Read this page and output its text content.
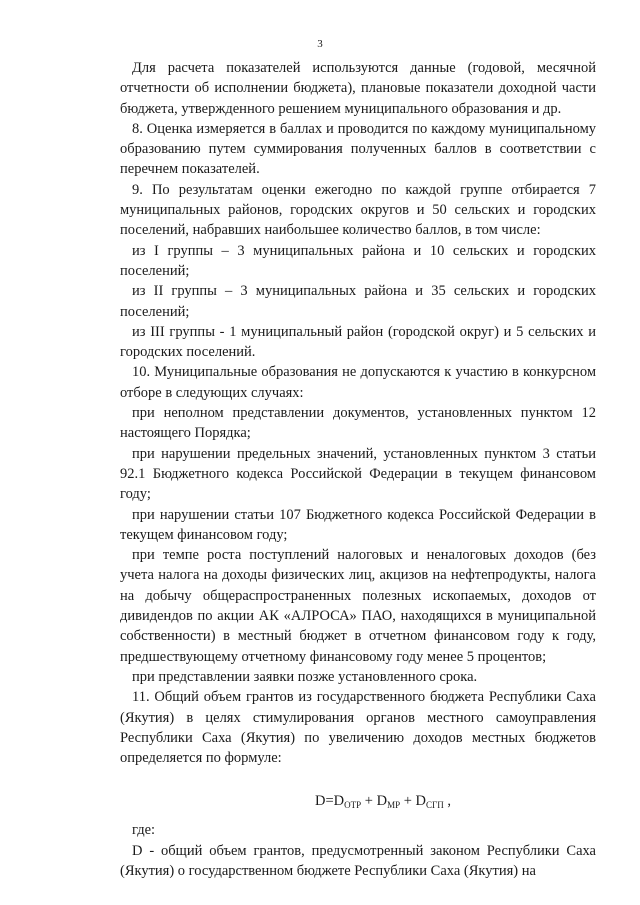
3

Для расчета показателей используются данные (годовой, месячной отчетности об исполнении бюджета), плановые показатели доходной части бюджета, утвержденного решением муниципального образования и др.

8. Оценка измеряется в баллах и проводится по каждому муниципальному образованию путем суммирования полученных баллов в соответствии с перечнем показателей.

9. По результатам оценки ежегодно по каждой группе отбирается 7 муниципальных районов, городских округов и 50 сельских и городских поселений, набравших наибольшее количество баллов, в том числе:

из I группы – 3 муниципальных района и 10 сельских и городских поселений;

из II группы – 3 муниципальных района и 35 сельских и городских поселений;

из III группы - 1 муниципальный район (городской округ) и 5 сельских и городских поселений.

10. Муниципальные образования не допускаются к участию в конкурсном отборе в следующих случаях:

при неполном представлении документов, установленных пунктом 12 настоящего Порядка;

при нарушении предельных значений, установленных пунктом 3 статьи 92.1 Бюджетного кодекса Российской Федерации в текущем финансовом году;

при нарушении статьи 107 Бюджетного кодекса Российской Федерации в текущем финансовом году;

при темпе роста поступлений налоговых и неналоговых доходов (без учета налога на доходы физических лиц, акцизов на нефтепродукты, налога на добычу общераспространенных полезных ископаемых, доходов от дивидендов по акции АК «АЛРОСА» ПАО, находящихся в муниципальной собственности) в местный бюджет в отчетном финансовом году к году, предшествующему отчетному финансовому году менее 5 процентов;

при представлении заявки позже установленного срока.

11. Общий объем грантов из государственного бюджета Республики Саха (Якутия) в целях стимулирования органов местного самоуправления Республики Саха (Якутия) по увеличению доходов местных бюджетов определяется по формуле:

$D=D_{ОТР} + D_{МР} + D_{СГП}$ ,

где:

D - общий объем грантов, предусмотренный законом Республики Саха (Якутия) о государственном бюджете Республики Саха (Якутия) на
